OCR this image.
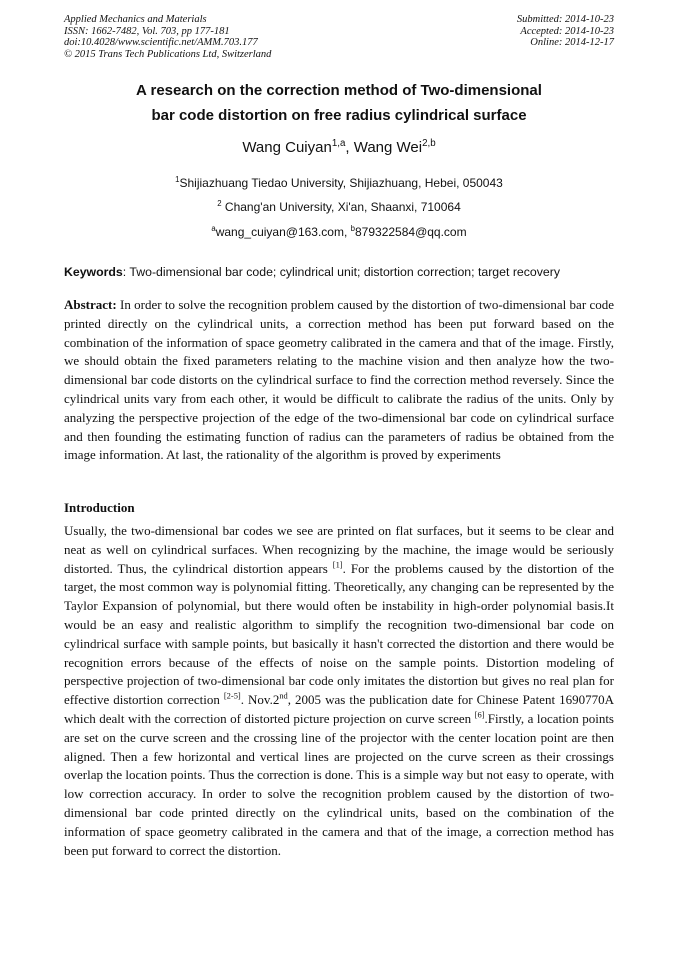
Applied Mechanics and Materials
ISSN: 1662-7482, Vol. 703, pp 177-181
doi:10.4028/www.scientific.net/AMM.703.177
© 2015 Trans Tech Publications Ltd, Switzerland
Submitted: 2014-10-23
Accepted: 2014-10-23
Online: 2014-12-17
A research on the correction method of Two-dimensional
bar code distortion on free radius cylindrical surface
Wang Cuiyan$^{1,a}$, Wang Wei$^{2,b}$
$^1$Shijiazhuang Tiedao University, Shijiazhuang, Hebei, 050043
$^2$ Chang'an University, Xi'an, Shaanxi, 710064
$^a$wang_cuiyan@163.com, $^b$879322584@qq.com
Keywords: Two-dimensional bar code; cylindrical unit; distortion correction; target recovery
Abstract: In order to solve the recognition problem caused by the distortion of two-dimensional bar code printed directly on the cylindrical units, a correction method has been put forward based on the combination of the information of space geometry calibrated in the camera and that of the image. Firstly, we should obtain the fixed parameters relating to the machine vision and then analyze how the two-dimensional bar code distorts on the cylindrical surface to find the correction method reversely. Since the cylindrical units vary from each other, it would be difficult to calibrate the radius of the units. Only by analyzing the perspective projection of the edge of the two-dimensional bar code on cylindrical surface and then founding the estimating function of radius can the parameters of radius be obtained from the image information. At last, the rationality of the algorithm is proved by experiments
Introduction
Usually, the two-dimensional bar codes we see are printed on flat surfaces, but it seems to be clear and neat as well on cylindrical surfaces. When recognizing by the machine, the image would be seriously distorted. Thus, the cylindrical distortion appears [1]. For the problems caused by the distortion of the target, the most common way is polynomial fitting. Theoretically, any changing can be represented by the Taylor Expansion of polynomial, but there would often be instability in high-order polynomial basis.It would be an easy and realistic algorithm to simplify the recognition two-dimensional bar code on cylindrical surface with sample points, but basically it hasn't corrected the distortion and there would be recognition errors because of the effects of noise on the sample points. Distortion modeling of perspective projection of two-dimensional bar code only imitates the distortion but gives no real plan for effective distortion correction [2-5]. Nov.2nd, 2005 was the publication date for Chinese Patent 1690770A which dealt with the correction of distorted picture projection on curve screen [6].Firstly, a location points are set on the curve screen and the crossing line of the projector with the center location point are then aligned. Then a few horizontal and vertical lines are projected on the curve screen as their crossings overlap the location points. Thus the correction is done. This is a simple way but not easy to operate, with low correction accuracy. In order to solve the recognition problem caused by the distortion of two-dimensional bar code printed directly on the cylindrical units, based on the combination of the information of space geometry calibrated in the camera and that of the image, a correction method has been put forward to correct the distortion.
